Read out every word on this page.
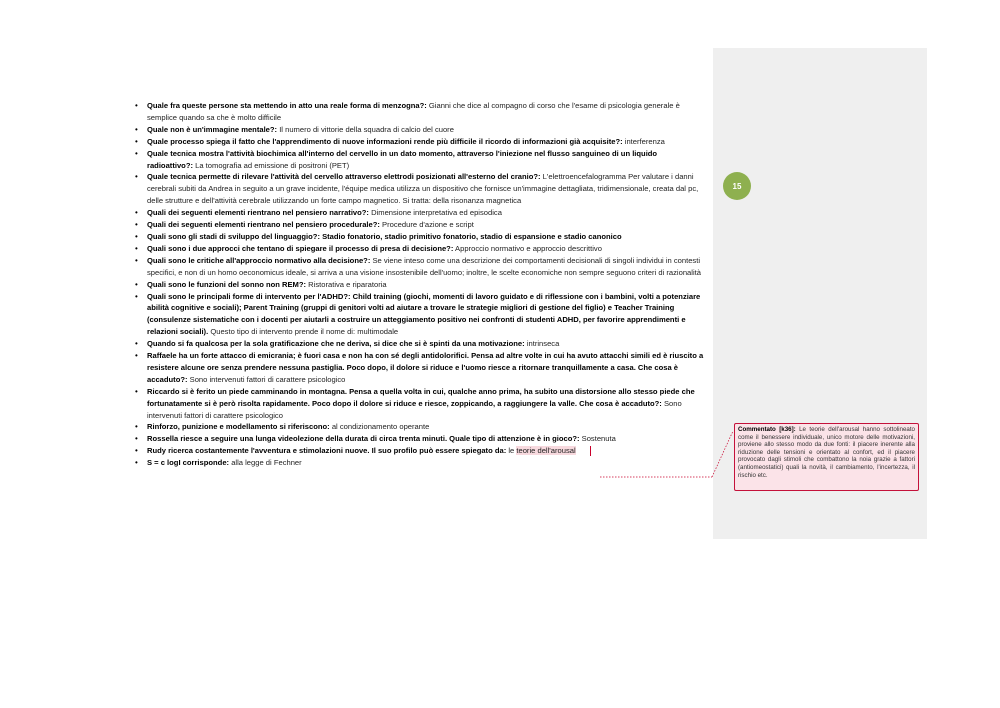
15
• Quale fra queste persone sta mettendo in atto una reale forma di menzogna?: Gianni che dice al compagno di corso che l'esame di psicologia generale è semplice quando sa che è molto difficile
• Quale non è un'immagine mentale?: Il numero di vittorie della squadra di calcio del cuore
• Quale processo spiega il fatto che l'apprendimento di nuove informazioni rende più difficile il ricordo di informazioni già acquisite?: interferenza
• Quale tecnica mostra l'attività biochimica all'interno del cervello in un dato momento, attraverso l'iniezione nel flusso sanguineo di un liquido radioattivo?: La tomografia ad emissione di positroni (PET)
• Quale tecnica permette di rilevare l'attività del cervello attraverso elettrodi posizionati all'esterno del cranio?: L'elettroencefalogramma Per valutare i danni cerebrali subiti da Andrea in seguito a un grave incidente, l'équipe medica utilizza un dispositivo che fornisce un'immagine dettagliata, tridimensionale, creata dal pc, delle strutture e dell'attività cerebrale utilizzando un forte campo magnetico. Si tratta: della risonanza magnetica
• Quali dei seguenti elementi rientrano nel pensiero narrativo?: Dimensione interpretativa ed episodica
• Quali dei seguenti elementi rientrano nel pensiero procedurale?: Procedure d'azione e script
• Quali sono gli stadi di sviluppo del linguaggio?: Stadio fonatorio, stadio primitivo fonatorio, stadio di espansione e stadio canonico
• Quali sono i due approcci che tentano di spiegare il processo di presa di decisione?: Approccio normativo e approccio descrittivo
• Quali sono le critiche all'approccio normativo alla decisione?: Se viene inteso come una descrizione dei comportamenti decisionali di singoli individui in contesti specifici, e non di un homo oeconomicus ideale, si arriva a una visione insostenibile dell'uomo; inoltre, le scelte economiche non sempre seguono criteri di razionalità
• Quali sono le funzioni del sonno non REM?: Ristorativa e riparatoria
• Quali sono le principali forme di intervento per l'ADHD?: Child training (giochi, momenti di lavoro guidato e di riflessione con i bambini, volti a potenziare abilità cognitive e sociali); Parent Training (gruppi di genitori volti ad aiutare a trovare le strategie migliori di gestione del figlio) e Teacher Training (consulenze sistematiche con i docenti per aiutarli a costruire un atteggiamento positivo nei confronti di studenti ADHD, per favorire apprendimenti e relazioni sociali). Questo tipo di intervento prende il nome di: multimodale
• Quando si fa qualcosa per la sola gratificazione che ne deriva, si dice che si è spinti da una motivazione: intrinseca
• Raffaele ha un forte attacco di emicrania; è fuori casa e non ha con sé degli antidolorifici. Pensa ad altre volte in cui ha avuto attacchi simili ed è riuscito a resistere alcune ore senza prendere nessuna pastiglia. Poco dopo, il dolore si riduce e l'uomo riesce a ritornare tranquillamente a casa. Che cosa è accaduto?: Sono intervenuti fattori di carattere psicologico
• Riccardo si è ferito un piede camminando in montagna. Pensa a quella volta in cui, qualche anno prima, ha subito una distorsione allo stesso piede che fortunatamente si è però risolta rapidamente. Poco dopo il dolore si riduce e riesce, zoppicando, a raggiungere la valle. Che cosa è accaduto?: Sono intervenuti fattori di carattere psicologico
• Rinforzo, punizione e modellamento si riferiscono: al condizionamento operante
• Rossella riesce a seguire una lunga videolezione della durata di circa trenta minuti. Quale tipo di attenzione è in gioco?: Sostenuta
• Rudy ricerca costantemente l'avventura e stimolazioni nuove. Il suo profilo può essere spiegato da: le teorie dell'arousal
• S = c logI corrisponde: alla legge di Fechner
Commentato [k36]: Le teorie dell'arousal hanno sottolineato come il benessere individuale, unico motore delle motivazioni, proviene allo stesso modo da due fonti: il piacere inerente alla riduzione delle tensioni e orientato al confort, ed il piacere provocato dagli stimoli che combattono la noia grazie a fattori (antiomeostatici) quali la novità, il cambiamento, l'incertezza, il rischio etc.
